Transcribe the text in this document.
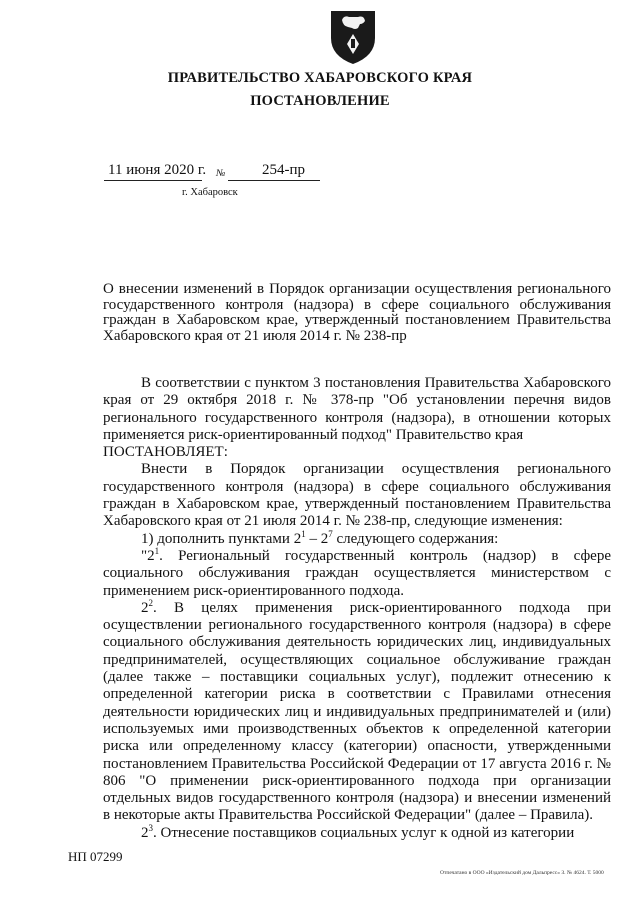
ПРАВИТЕЛЬСТВО ХАБАРОВСКОГО КРАЯ
ПОСТАНОВЛЕНИЕ
11 июня 2020 г. № 254-пр
г. Хабаровск
О внесении изменений в Порядок организации осуществления регионального государственного контроля (надзора) в сфере социального обслуживания граждан в Хабаровском крае, утвержденный постановлением Правительства Хабаровского края от 21 июля 2014 г. № 238-пр

В соответствии с пунктом 3 постановления Правительства Хабаровского края от 29 октября 2018 г. № 378-пр "Об установлении перечня видов регионального государственного контроля (надзора), в отношении которых применяется риск-ориентированный подход" Правительство края

ПОСТАНОВЛЯЕТ:

Внести в Порядок организации осуществления регионального государственного контроля (надзора) в сфере социального обслуживания граждан в Хабаровском крае, утвержденный постановлением Правительства Хабаровского края от 21 июля 2014 г. № 238-пр, следующие изменения:

1) дополнить пунктами $2^1 - 2^7$ следующего содержания:

"$2^1$. Региональный государственный контроль (надзор) в сфере социального обслуживания граждан осуществляется министерством с применением риск-ориентированного подхода.

$2^2$. В целях применения риск-ориентированного подхода при осуществлении регионального государственного контроля (надзора) в сфере социального обслуживания деятельность юридических лиц, индивидуальных предпринимателей, осуществляющих социальное обслуживание граждан (далее также – поставщики социальных услуг), подлежит отнесению к определенной категории риска в соответствии с Правилами отнесения деятельности юридических лиц и индивидуальных предпринимателей и (или) используемых ими производственных объектов к определенной категории риска или определенному классу (категории) опасности, утвержденными постановлением Правительства Российской Федерации от 17 августа 2016 г. № 806 "О применении риск-ориентированного подхода при организации отдельных видов государственного контроля (надзора) и внесении изменений в некоторые акты Правительства Российской Федерации" (далее – Правила).

$2^3$. Отнесение поставщиков социальных услуг к одной из категории

НП 07299
Отпечатано в ООО «Издательский дом Дальпресс» З. № 4624. Т. 5000
